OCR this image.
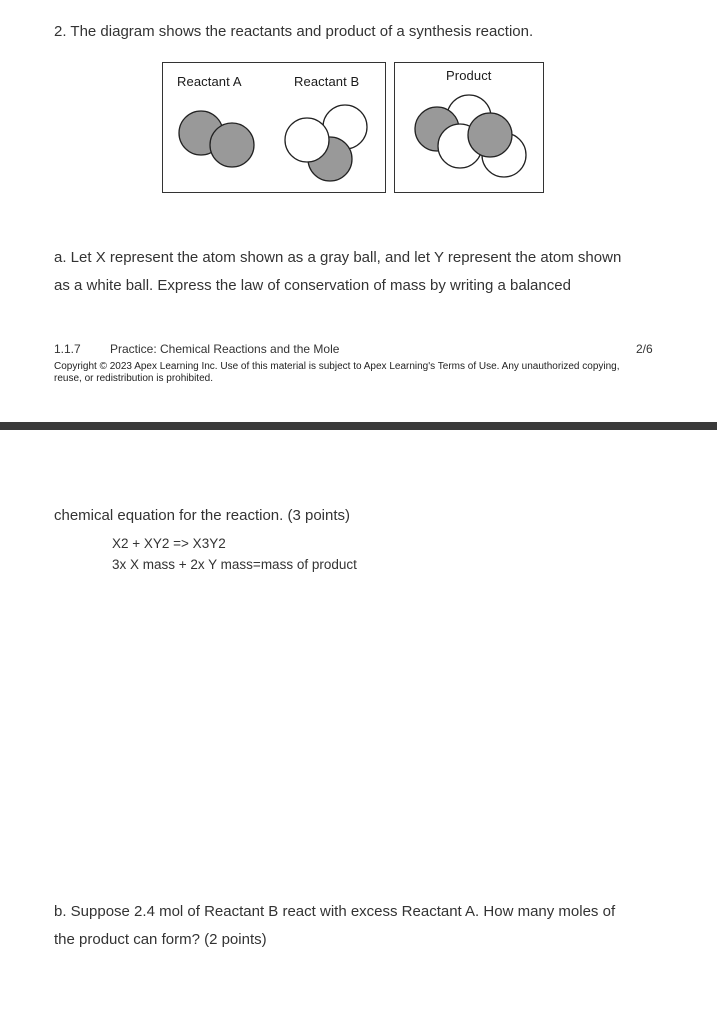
2. The diagram shows the reactants and product of a synthesis reaction.
Reactant A	Reactant B	Product
a. Let X represent the atom shown as a gray ball, and let Y represent the atom shown
as a white ball. Express the law of conservation of mass by writing a balanced
1.1.7 Practice: Chemical Reactions and the Mole	2/6
Copyright © 2023 Apex Learning Inc. Use of this material is subject to Apex Learning's Terms of Use. Any unauthorized copying, reuse, or redistribution is prohibited.
chemical equation for the reaction. (3 points)
X2 + XY2 => X3Y2
3x X mass + 2x Y mass=mass of product
b. Suppose 2.4 mol of Reactant B react with excess Reactant A. How many moles of
the product can form? (2 points)
